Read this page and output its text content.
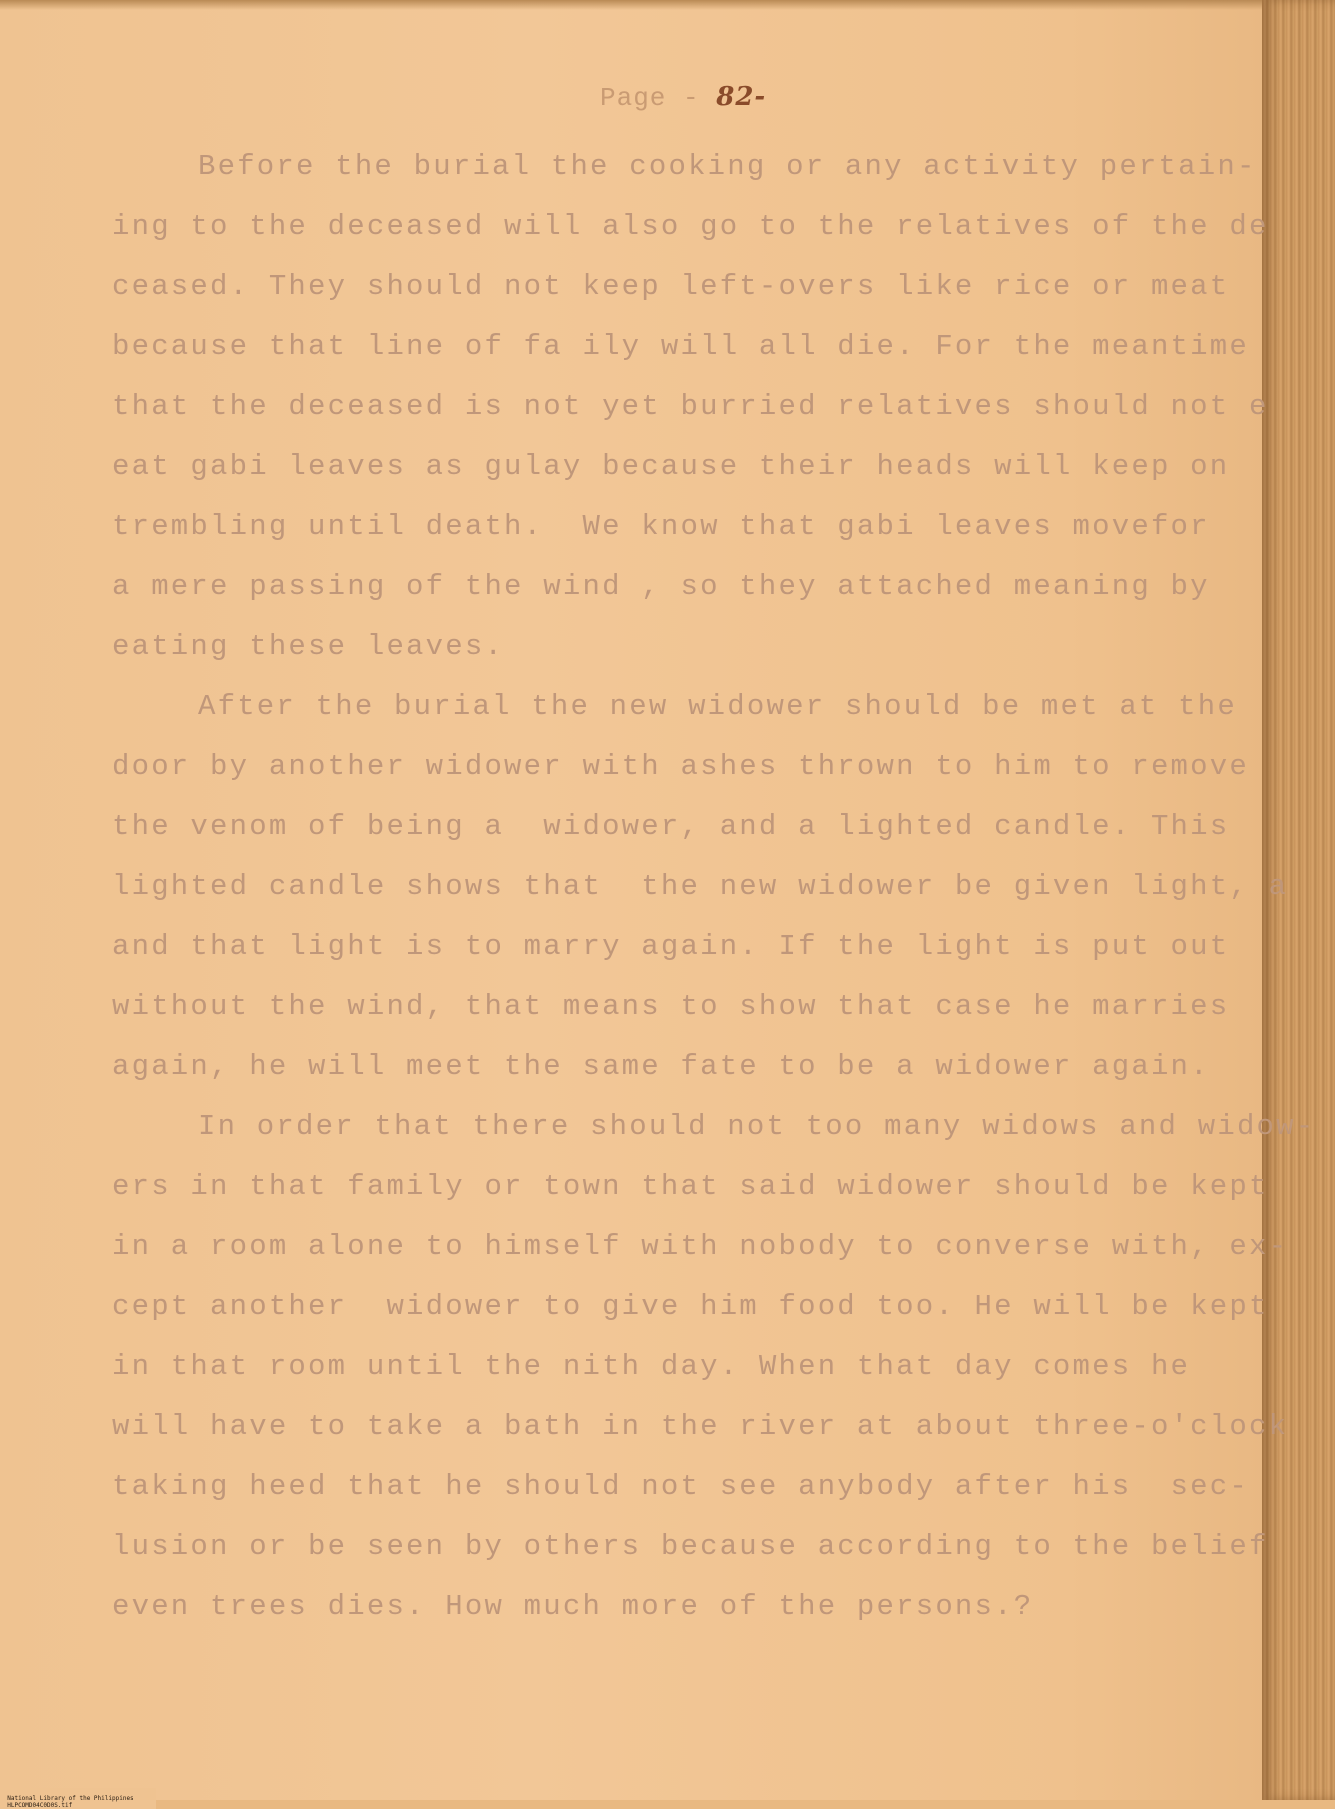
Page - 82-
Before the burial the cooking or any activity pertain-
ing to the deceased will also go to the relatives of the de
ceased. They should not keep left-overs like rice or meat
because that line of fa ily will all die. For the meantime
that the deceased is not yet burried relatives should not e
eat gabi leaves as gulay because their heads will keep on
trembling until death.  We know that gabi leaves movefor
a mere passing of the wind , so they attached meaning by
eating these leaves.
After the burial the new widower should be met at the
door by another widower with ashes thrown to him to remove
the venom of being a  widower, and a lighted candle. This
lighted candle shows that  the new widower be given light, a
and that light is to marry again. If the light is put out
without the wind, that means to show that case he marries
again, he will meet the same fate to be a widower again.
In order that there should not too many widows and widow-
ers in that family or town that said widower should be kept
in a room alone to himself with nobody to converse with, ex-
cept another  widower to give him food too. He will be kept
in that room until the nith day. When that day comes he
will have to take a bath in the river at about three-o'clock
taking heed that he should not see anybody after his  sec-
lusion or be seen by others because according to the belief
even trees dies. How much more of the persons.?

National Library of the Philippines
HLPCOMD04C0D0S.tif
